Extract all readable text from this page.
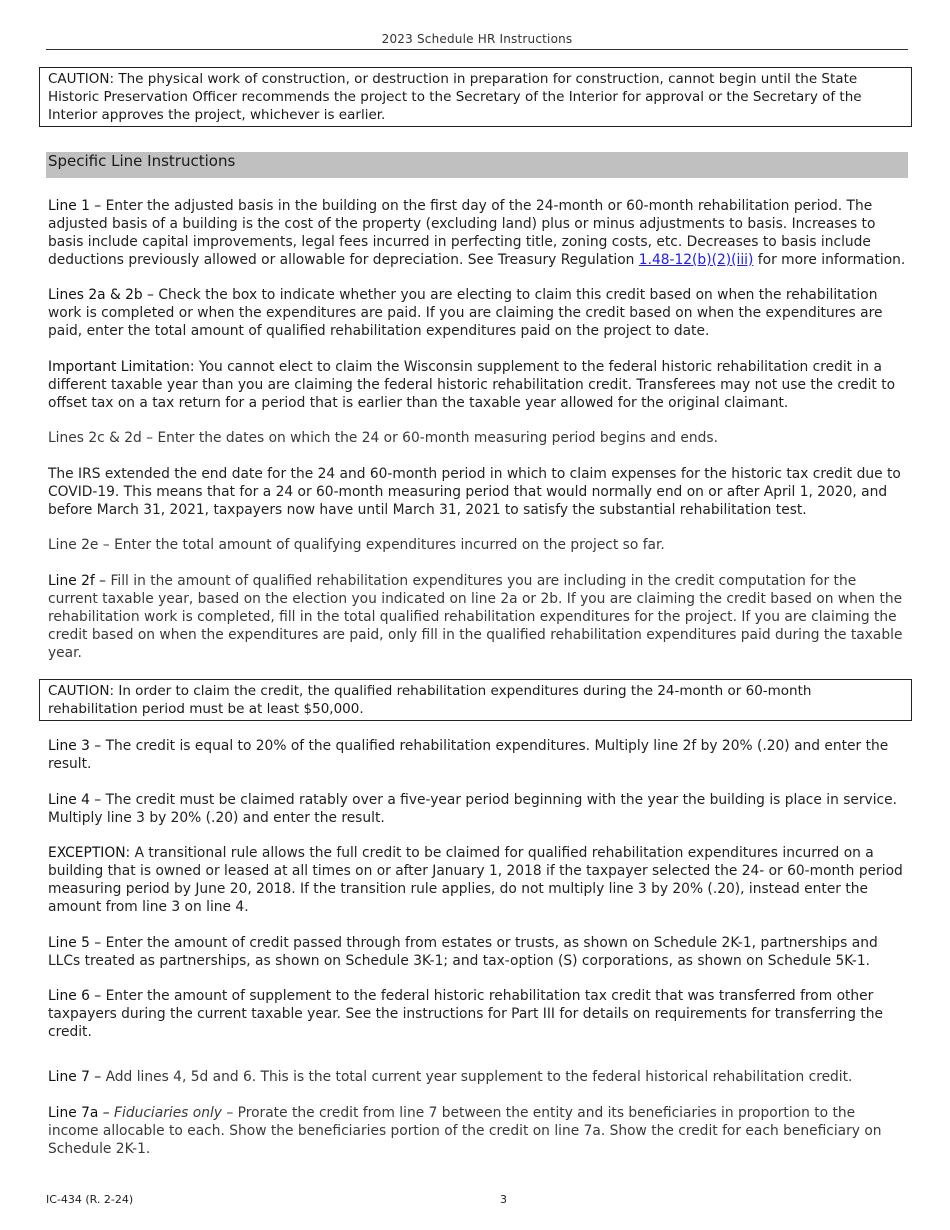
2023 Schedule HR Instructions
CAUTION: The physical work of construction, or destruction in preparation for construction, cannot begin until the State Historic Preservation Officer recommends the project to the Secretary of the Interior for approval or the Secretary of the Interior approves the project, whichever is earlier.
Specific Line Instructions
Line 1 – Enter the adjusted basis in the building on the first day of the 24-month or 60-month rehabilitation period. The adjusted basis of a building is the cost of the property (excluding land) plus or minus adjustments to basis. Increases to basis include capital improvements, legal fees incurred in perfecting title, zoning costs, etc. Decreases to basis include deductions previously allowed or allowable for depreciation. See Treasury Regulation 1.48-12(b)(2)(iii) for more information.
Lines 2a & 2b – Check the box to indicate whether you are electing to claim this credit based on when the rehabilitation work is completed or when the expenditures are paid. If you are claiming the credit based on when the expenditures are paid, enter the total amount of qualified rehabilitation expenditures paid on the project to date.
Important Limitation: You cannot elect to claim the Wisconsin supplement to the federal historic rehabilitation credit in a different taxable year than you are claiming the federal historic rehabilitation credit. Transferees may not use the credit to offset tax on a tax return for a period that is earlier than the taxable year allowed for the original claimant.
Lines 2c & 2d – Enter the dates on which the 24 or 60-month measuring period begins and ends.
The IRS extended the end date for the 24 and 60-month period in which to claim expenses for the historic tax credit due to COVID-19. This means that for a 24 or 60-month measuring period that would normally end on or after April 1, 2020, and before March 31, 2021, taxpayers now have until March 31, 2021 to satisfy the substantial rehabilitation test.
Line 2e – Enter the total amount of qualifying expenditures incurred on the project so far.
Line 2f – Fill in the amount of qualified rehabilitation expenditures you are including in the credit computation for the current taxable year, based on the election you indicated on line 2a or 2b. If you are claiming the credit based on when the rehabilitation work is completed, fill in the total qualified rehabilitation expenditures for the project. If you are claiming the credit based on when the expenditures are paid, only fill in the qualified rehabilitation expenditures paid during the taxable year.
CAUTION: In order to claim the credit, the qualified rehabilitation expenditures during the 24-month or 60-month rehabilitation period must be at least $50,000.
Line 3 – The credit is equal to 20% of the qualified rehabilitation expenditures. Multiply line 2f by 20% (.20) and enter the result.
Line 4 – The credit must be claimed ratably over a five-year period beginning with the year the building is place in service. Multiply line 3 by 20% (.20) and enter the result.
EXCEPTION: A transitional rule allows the full credit to be claimed for qualified rehabilitation expenditures incurred on a building that is owned or leased at all times on or after January 1, 2018 if the taxpayer selected the 24- or 60-month period measuring period by June 20, 2018. If the transition rule applies, do not multiply line 3 by 20% (.20), instead enter the amount from line 3 on line 4.
Line 5 – Enter the amount of credit passed through from estates or trusts, as shown on Schedule 2K-1, partnerships and LLCs treated as partnerships, as shown on Schedule 3K-1; and tax-option (S) corporations, as shown on Schedule 5K-1.
Line 6 – Enter the amount of supplement to the federal historic rehabilitation tax credit that was transferred from other taxpayers during the current taxable year. See the instructions for Part III for details on requirements for transferring the credit.
Line 7 – Add lines 4, 5d and 6. This is the total current year supplement to the federal historical rehabilitation credit.
Line 7a – Fiduciaries only – Prorate the credit from line 7 between the entity and its beneficiaries in proportion to the income allocable to each. Show the beneficiaries portion of the credit on line 7a. Show the credit for each beneficiary on Schedule 2K-1.
IC-434 (R. 2-24)	3
